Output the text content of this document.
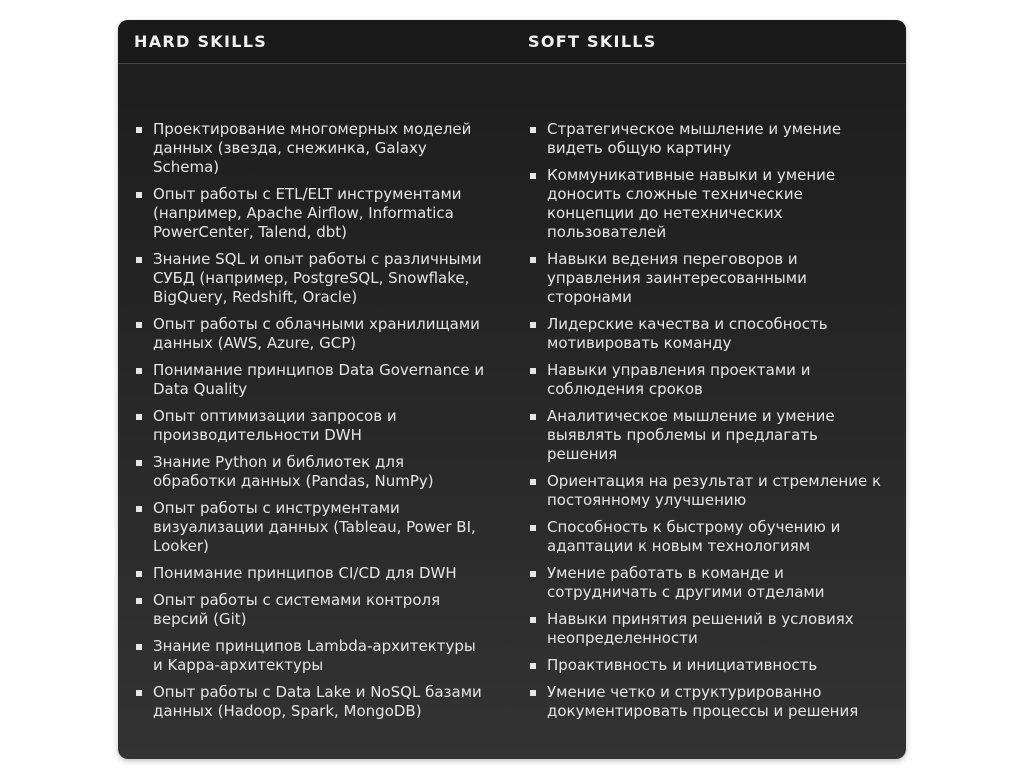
HARD SKILLS	SOFT SKILLS
Проектирование многомерных моделей данных (звезда, снежинка, Galaxy Schema)
Опыт работы с ETL/ELT инструментами (например, Apache Airflow, Informatica PowerCenter, Talend, dbt)
Знание SQL и опыт работы с различными СУБД (например, PostgreSQL, Snowflake, BigQuery, Redshift, Oracle)
Опыт работы с облачными хранилищами данных (AWS, Azure, GCP)
Понимание принципов Data Governance и Data Quality
Опыт оптимизации запросов и производительности DWH
Знание Python и библиотек для обработки данных (Pandas, NumPy)
Опыт работы с инструментами визуализации данных (Tableau, Power BI, Looker)
Понимание принципов CI/CD для DWH
Опыт работы с системами контроля версий (Git)
Знание принципов Lambda-архитектуры и Kappa-архитектуры
Опыт работы с Data Lake и NoSQL базами данных (Hadoop, Spark, MongoDB)
Стратегическое мышление и умение видеть общую картину
Коммуникативные навыки и умение доносить сложные технические концепции до нетехнических пользователей
Навыки ведения переговоров и управления заинтересованными сторонами
Лидерские качества и способность мотивировать команду
Навыки управления проектами и соблюдения сроков
Аналитическое мышление и умение выявлять проблемы и предлагать решения
Ориентация на результат и стремление к постоянному улучшению
Способность к быстрому обучению и адаптации к новым технологиям
Умение работать в команде и сотрудничать с другими отделами
Навыки принятия решений в условиях неопределенности
Проактивность и инициативность
Умение четко и структурированно документировать процессы и решения
